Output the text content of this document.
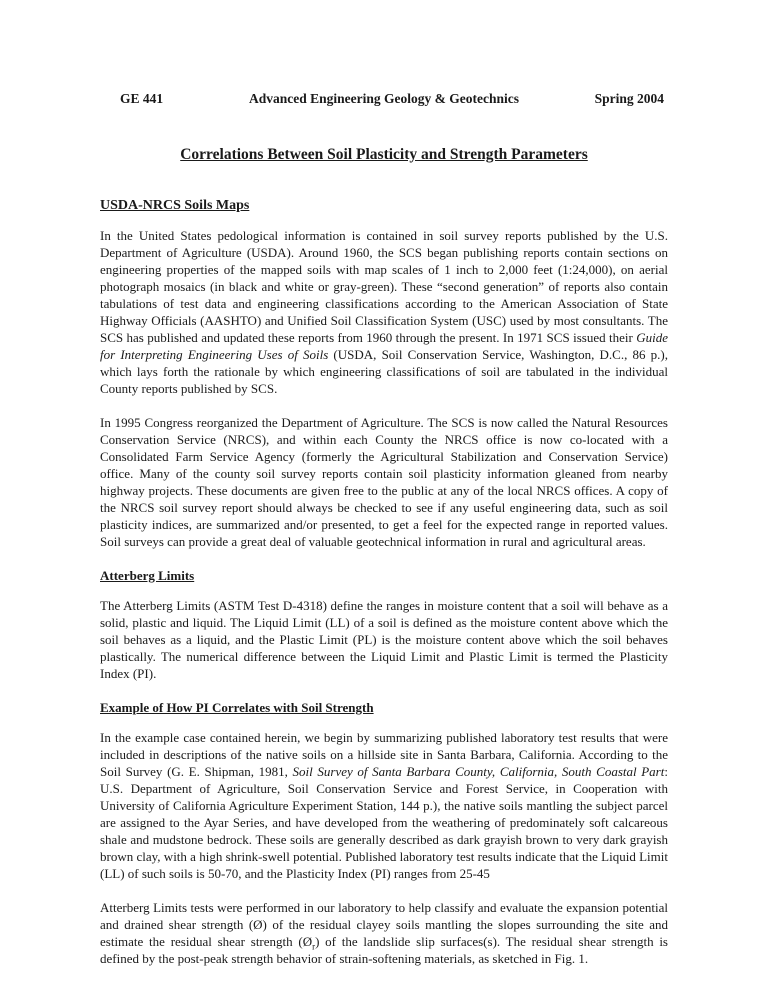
GE 441	Advanced Engineering Geology & Geotechnics	Spring 2004
Correlations Between Soil Plasticity and Strength Parameters
USDA-NRCS Soils Maps

In the United States pedological information is contained in soil survey reports published by the U.S. Department of Agriculture (USDA). Around 1960, the SCS began publishing reports contain sections on engineering properties of the mapped soils with map scales of 1 inch to 2,000 feet (1:24,000), on aerial photograph mosaics (in black and white or gray-green). These “second generation” of reports also contain tabulations of test data and engineering classifications according to the American Association of State Highway Officials (AASHTO) and Unified Soil Classification System (USC) used by most consultants. The SCS has published and updated these reports from 1960 through the present. In 1971 SCS issued their Guide for Interpreting Engineering Uses of Soils (USDA, Soil Conservation Service, Washington, D.C., 86 p.), which lays forth the rationale by which engineering classifications of soil are tabulated in the individual County reports published by SCS.

In 1995 Congress reorganized the Department of Agriculture. The SCS is now called the Natural Resources Conservation Service (NRCS), and within each County the NRCS office is now co-located with a Consolidated Farm Service Agency (formerly the Agricultural Stabilization and Conservation Service) office. Many of the county soil survey reports contain soil plasticity information gleaned from nearby highway projects. These documents are given free to the public at any of the local NRCS offices. A copy of the NRCS soil survey report should always be checked to see if any useful engineering data, such as soil plasticity indices, are summarized and/or presented, to get a feel for the expected range in reported values. Soil surveys can provide a great deal of valuable geotechnical information in rural and agricultural areas.

Atterberg Limits

The Atterberg Limits (ASTM Test D-4318) define the ranges in moisture content that a soil will behave as a solid, plastic and liquid. The Liquid Limit (LL) of a soil is defined as the moisture content above which the soil behaves as a liquid, and the Plastic Limit (PL) is the moisture content above which the soil behaves plastically. The numerical difference between the Liquid Limit and Plastic Limit is termed the Plasticity Index (PI).

Example of How PI Correlates with Soil Strength

In the example case contained herein, we begin by summarizing published laboratory test results that were included in descriptions of the native soils on a hillside site in Santa Barbara, California. According to the Soil Survey (G. E. Shipman, 1981, Soil Survey of Santa Barbara County, California, South Coastal Part: U.S. Department of Agriculture, Soil Conservation Service and Forest Service, in Cooperation with University of California Agriculture Experiment Station, 144 p.), the native soils mantling the subject parcel are assigned to the Ayar Series, and have developed from the weathering of predominately soft calcareous shale and mudstone bedrock. These soils are generally described as dark grayish brown to very dark grayish brown clay, with a high shrink-swell potential. Published laboratory test results indicate that the Liquid Limit (LL) of such soils is 50-70, and the Plasticity Index (PI) ranges from 25-45

Atterberg Limits tests were performed in our laboratory to help classify and evaluate the expansion potential and drained shear strength (Ø) of the residual clayey soils mantling the slopes surrounding the site and estimate the residual shear strength $(Ø_r)$ of the landslide slip surfaces(s). The residual shear strength is defined by the post-peak strength behavior of strain-softening materials, as sketched in Fig. 1.
